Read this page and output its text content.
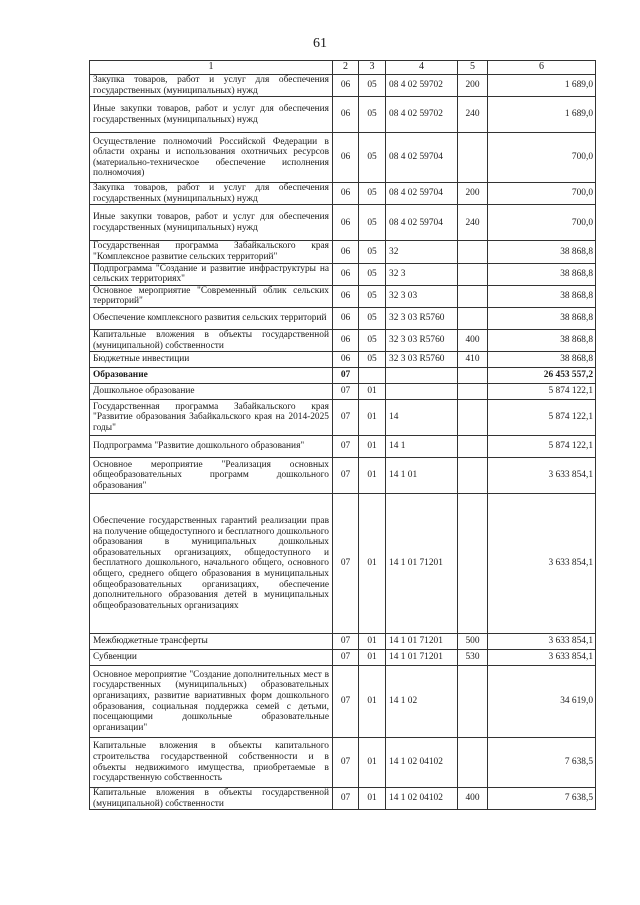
61
1	2	3	4	5	6
Закупка товаров, работ и услуг для обеспечения государственных (муниципальных) нужд	06	05	08 4 02 59702	200	1 689,0
Иные закупки товаров, работ и услуг для обеспечения государственных (муниципальных) нужд	06	05	08 4 02 59702	240	1 689,0
Осуществление полномочий Российской Федерации в области охраны и использования охотничьих ресурсов (материально-техническое обеспечение исполнения полномочия)	06	05	08 4 02 59704		700,0
Закупка товаров, работ и услуг для обеспечения государственных (муниципальных) нужд	06	05	08 4 02 59704	200	700,0
Иные закупки товаров, работ и услуг для обеспечения государственных (муниципальных) нужд	06	05	08 4 02 59704	240	700,0
Государственная программа Забайкальского края "Комплексное развитие сельских территорий"	06	05	32		38 868,8
Подпрограмма "Создание и развитие инфраструктуры на сельских территориях"	06	05	32 3		38 868,8
Основное мероприятие "Современный облик сельских территорий"	06	05	32 3 03		38 868,8
Обеспечение комплексного развития сельских территорий	06	05	32 3 03 R5760		38 868,8
Капитальные вложения в объекты государственной (муниципальной) собственности	06	05	32 3 03 R5760	400	38 868,8
Бюджетные инвестиции	06	05	32 3 03 R5760	410	38 868,8
Образование	07				26 453 557,2
Дошкольное образование	07	01			5 874 122,1
Государственная программа Забайкальского края "Развитие образования Забайкальского края на 2014-2025 годы"	07	01	14		5 874 122,1
Подпрограмма "Развитие дошкольного образования"	07	01	14 1		5 874 122,1
Основное мероприятие "Реализация основных общеобразовательных программ дошкольного образования"	07	01	14 1 01		3 633 854,1
Обеспечение государственных гарантий реализации прав на получение общедоступного и бесплатного дошкольного образования в муниципальных дошкольных образовательных организациях, общедоступного и бесплатного дошкольного, начального общего, основного общего, среднего общего образования в муниципальных общеобразовательных организациях, обеспечение дополнительного образования детей в муниципальных общеобразовательных организациях	07	01	14 1 01 71201		3 633 854,1
Межбюджетные трансферты	07	01	14 1 01 71201	500	3 633 854,1
Субвенции	07	01	14 1 01 71201	530	3 633 854,1
Основное мероприятие "Создание дополнительных мест в государственных (муниципальных) образовательных организациях, развитие вариативных форм дошкольного образования, социальная поддержка семей с детьми, посещающими дошкольные образовательные организации"	07	01	14 1 02		34 619,0
Капитальные вложения в объекты капитального строительства государственной собственности и в объекты недвижимого имущества, приобретаемые в государственную собственность	07	01	14 1 02 04102		7 638,5
Капитальные вложения в объекты государственной (муниципальной) собственности	07	01	14 1 02 04102	400	7 638,5
